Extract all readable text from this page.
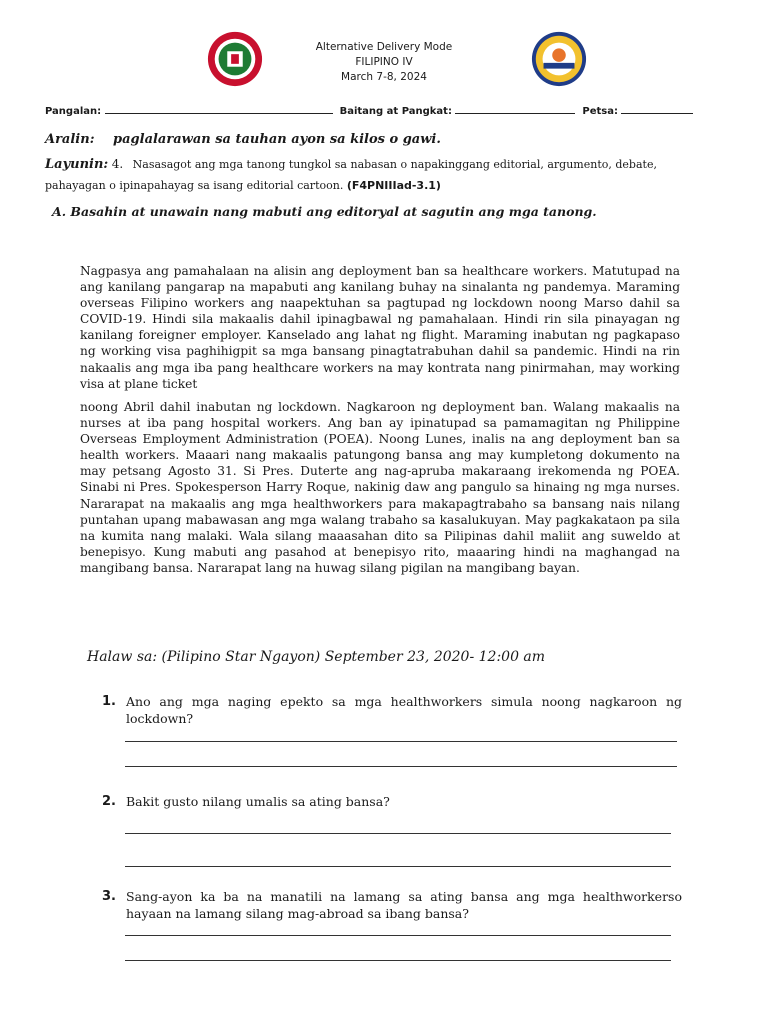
Alternative Delivery Mode
FILIPINO IV
March 7-8, 2024
Pangalan:	Baitang at Pangkat:	Petsa:
Aralin: paglalarawan sa tauhan ayon sa kilos o gawi.
Layunin: 4. Nasasagot ang mga tanong tungkol sa nabasan o napakinggang editorial, argumento, debate, pahayagan o ipinapahayag sa isang editorial cartoon. (F4PNIIIad-3.1)
A. Basahin at unawain nang mabuti ang editoryal at sagutin ang mga tanong.
Nagpasya ang pamahalaan na alisin ang deployment ban sa healthcare workers. Matutupad na ang kanilang pangarap na mapabuti ang kanilang buhay na sinalanta ng pandemya. Maraming overseas Filipino workers ang naapektuhan sa pagtupad ng lockdown noong Marso dahil sa COVID-19. Hindi sila makaalis dahil ipinagbawal ng pamahalaan. Hindi rin sila pinayagan ng kanilang foreigner employer. Kanselado ang lahat ng flight. Maraming inabutan ng pagkapaso ng working visa paghihigpit sa mga bansang pinagtatrabuhan dahil sa pandemic. Hindi na rin nakaalis ang mga iba pang healthcare workers na may kontrata nang pinirmahan, may working visa at plane ticket
noong Abril dahil inabutan ng lockdown. Nagkaroon ng deployment ban. Walang makaalis na nurses at iba pang hospital workers. Ang ban ay ipinatupad sa pamamagitan ng Philippine Overseas Employment Administration (POEA). Noong Lunes, inalis na ang deployment ban sa health workers. Maaari nang makaalis patungong bansa ang may kumpletong dokumento na may petsang Agosto 31. Si Pres. Duterte ang nag-apruba makaraang irekomenda ng POEA. Sinabi ni Pres. Spokesperson Harry Roque, nakinig daw ang pangulo sa hinaing ng mga nurses. Nararapat na makaalis ang mga healthworkers para makapagtrabaho sa bansang nais nilang puntahan upang mabawasan ang mga walang trabaho sa kasalukuyan. May pagkakataon pa sila na kumita nang malaki. Wala silang maaasahan dito sa Pilipinas dahil maliit ang suweldo at benepisyo. Kung mabuti ang pasahod at benepisyo rito, maaaring hindi na maghangad na mangibang bansa. Nararapat lang na huwag silang pigilan na mangibang bayan.
Halaw sa: (Pilipino Star Ngayon) September 23, 2020- 12:00 am
1. Ano ang mga naging epekto sa mga healthworkers simula noong nagkaroon ng lockdown?
2. Bakit gusto nilang umalis sa ating bansa?
3. Sang-ayon ka ba na manatili na lamang sa ating bansa ang mga healthworkerso hayaan na lamang silang mag-abroad sa ibang bansa?
